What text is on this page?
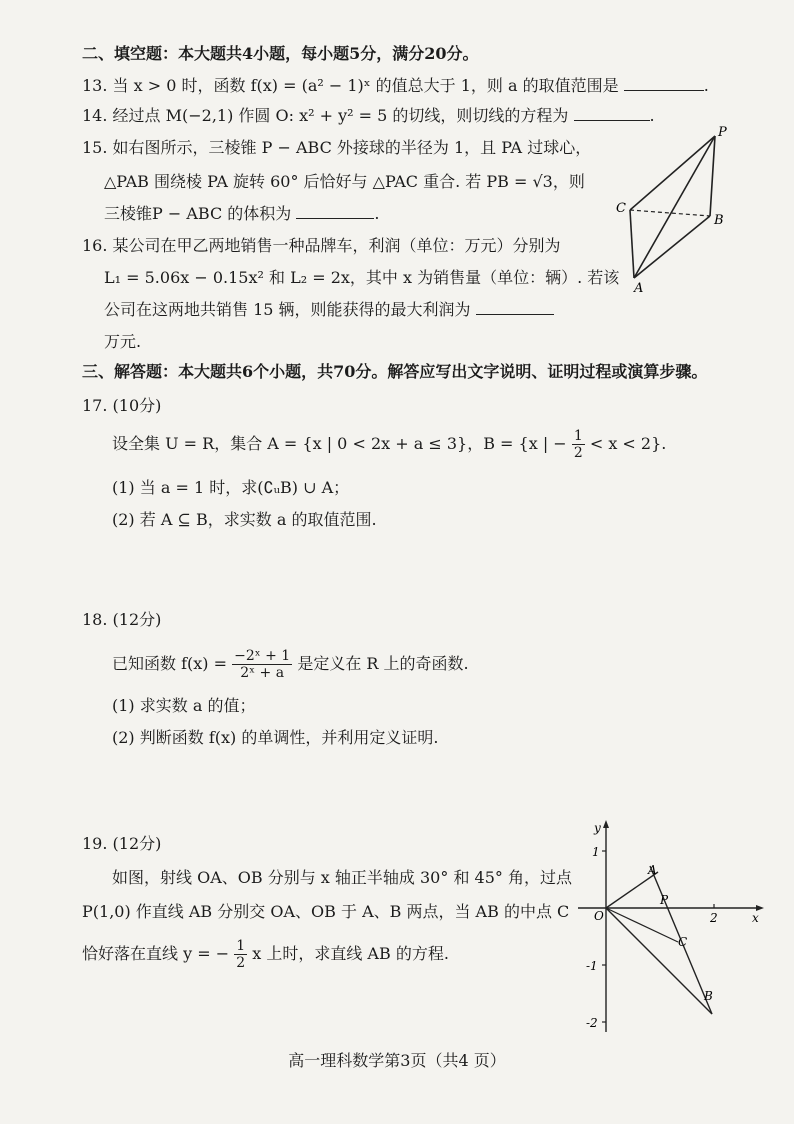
二、填空题：本大题共4小题，每小题5分，满分20分。
13. 当 x > 0 时，函数 f(x) = (a² − 1)ˣ 的值总大于 1，则 a 的取值范围是	.
14. 经过点 M(−2,1) 作圆 O: x² + y² = 5 的切线，则切线的方程为	.
15. 如右图所示，三棱锥 P − ABC 外接球的半径为 1，且 PA 过球心，
△PAB 围绕棱 PA 旋转 60° 后恰好与 △PAC 重合. 若 PB = √3，则
三棱锥P − ABC 的体积为	.
16. 某公司在甲乙两地销售一种品牌车，利润（单位：万元）分别为
L₁ = 5.06x − 0.15x² 和 L₂ = 2x，其中 x 为销售量（单位：辆）. 若该
公司在这两地共销售 15 辆，则能获得的最大利润为
万元.
P
C
B
A
三、解答题：本大题共6个小题，共70分。解答应写出文字说明、证明过程或演算步骤。
17. (10分)
设全集 U = R，集合 A = {x | 0 < 2x + a ≤ 3}，B = {x | − $\frac{1}{2} < x < 2$}.
(1) 当 a = 1 时，求(∁ᵤB) ∪ A；
(2) 若 A ⊆ B，求实数 a 的取值范围.
18. (12分)
已知函数 $f(x) = \frac{\text{−2ˣ + 1}}{\text{2ˣ + a}}$ 是定义在 R 上的奇函数.
(1) 求实数 a 的值；
(2) 判断函数 f(x) 的单调性，并利用定义证明.
19. (12分)
如图，射线 OA、OB 分别与 x 轴正半轴成 30° 和 45° 角，过点
P(1,0) 作直线 AB 分别交 OA、OB 于 A、B 两点，当 AB 的中点 C
恰好落在直线 y = − $\frac{1}{2}$ x 上时，求直线 AB 的方程.
y
x
1
-1
-2
2
O
A
P
C
B
高一理科数学第3页（共4 页）
